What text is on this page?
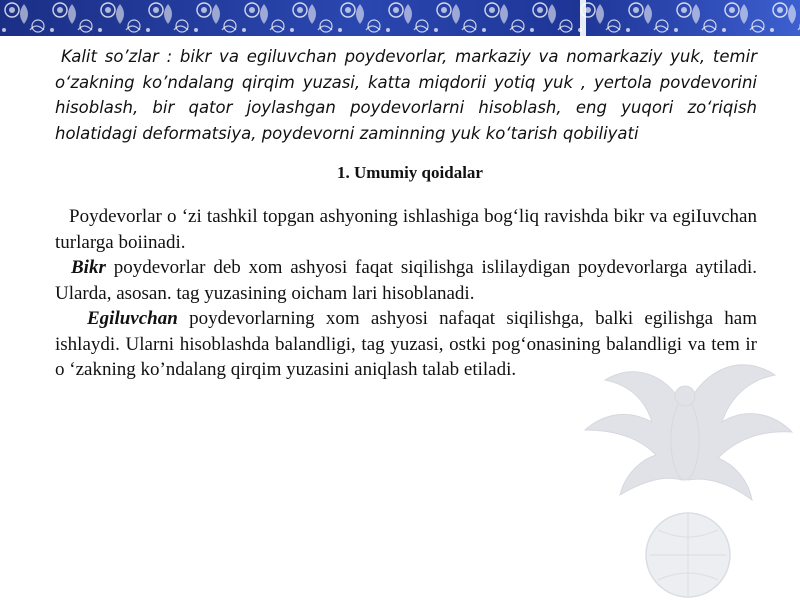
Kalit so’zlar : bikr va egiluvchan poydevorlar, markaziy va nomarkaziy yuk, temir o‘zakning ko’ndalang qirqim yuzasi, katta miqdorii yotiq yuk , yertola povdevorini hisoblash, bir qator joylashgan poydevorlarni hisoblash, eng yuqori zo‘riqish holatidagi deformatsiya, poydevorni zaminning yuk ko‘tarish qobiliyati

1. Umumiy qoidalar

Poydevorlar o ‘zi tashkil topgan ashyoning ishlashiga bog‘liq ravishda bikr va egiIuvchan turlarga boiinadi.

Bikr poydevorlar deb xom ashyosi faqat siqilishga islilaydigan poydevorlarga aytiladi. Ularda, asosan. tag yuzasining oicham lari hisoblanadi.

Egiluvchan poydevorlarning xom ashyosi nafaqat siqilishga, balki egilishga ham ishlaydi. Ularni hisoblashda balandligi, tag yuzasi, ostki pog‘onasining balandligi va tem ir o ‘zakning ko’ndalang qirqim yuzasini aniqlash talab etiladi.
